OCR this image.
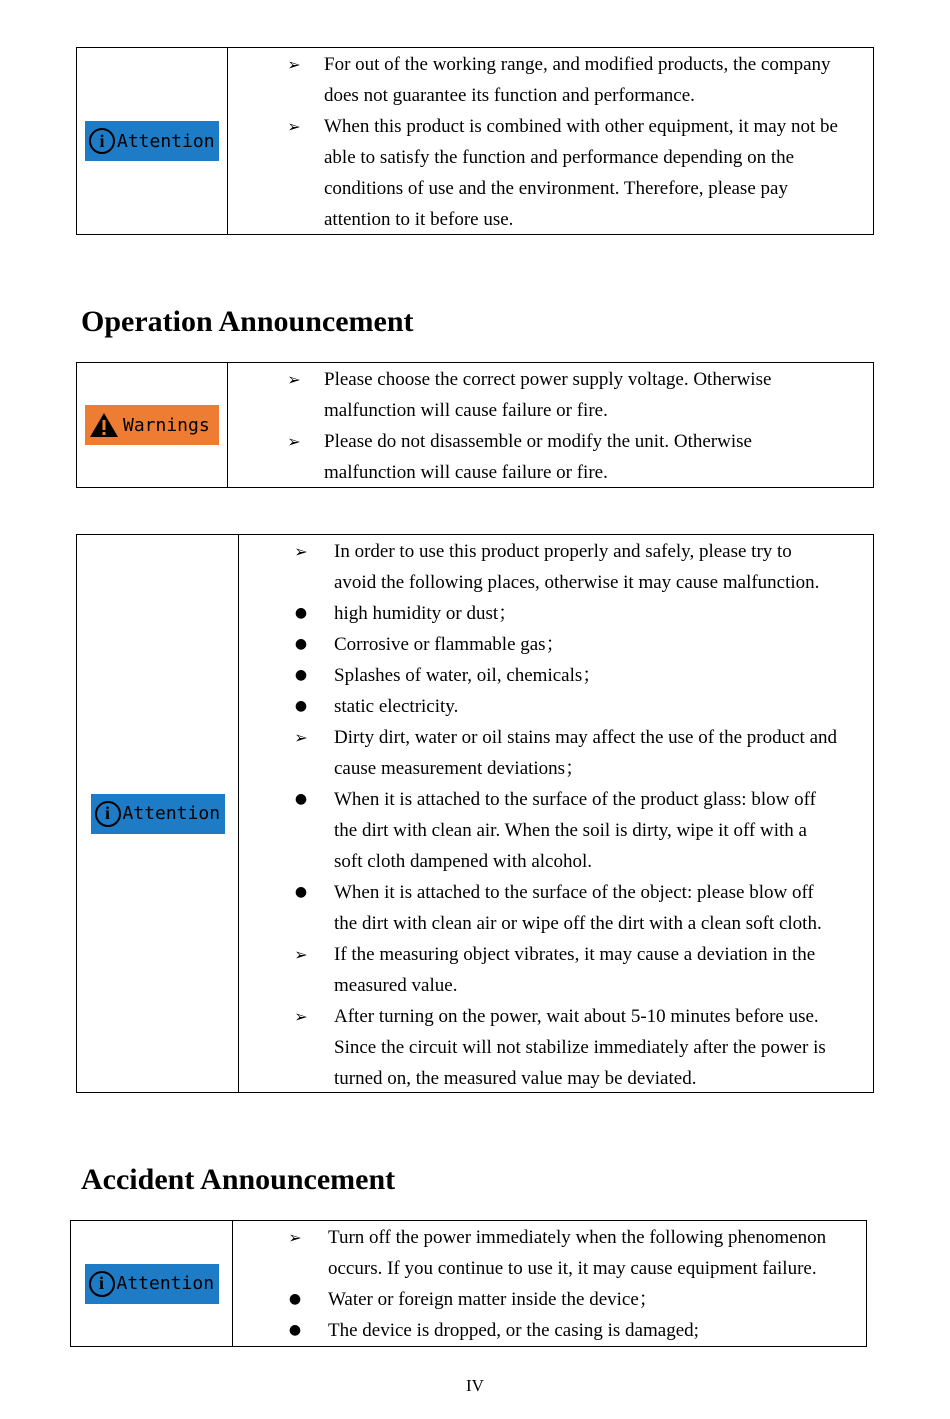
i Attention
➢ For out of the working range, and modified products, the company
does not guarantee its function and performance.
➢ When this product is combined with other equipment, it may not be
able to satisfy the function and performance depending on the
conditions of use and the environment. Therefore, please pay
attention to it before use.
Operation Announcement
Warnings
➢ Please choose the correct power supply voltage. Otherwise
malfunction will cause failure or fire.
➢ Please do not disassemble or modify the unit. Otherwise
malfunction will cause failure or fire.
i Attention
➢ In order to use this product properly and safely, please try to
avoid the following places, otherwise it may cause malfunction.
● high humidity or dust；
● Corrosive or flammable gas；
● Splashes of water, oil, chemicals；
● static electricity.
➢ Dirty dirt, water or oil stains may affect the use of the product and
cause measurement deviations；
● When it is attached to the surface of the product glass: blow off
the dirt with clean air. When the soil is dirty, wipe it off with a
soft cloth dampened with alcohol.
● When it is attached to the surface of the object: please blow off
the dirt with clean air or wipe off the dirt with a clean soft cloth.
➢ If the measuring object vibrates, it may cause a deviation in the
measured value.
➢ After turning on the power, wait about 5-10 minutes before use.
Since the circuit will not stabilize immediately after the power is
turned on, the measured value may be deviated.
Accident Announcement
i Attention
➢ Turn off the power immediately when the following phenomenon
occurs. If you continue to use it, it may cause equipment failure.
● Water or foreign matter inside the device；
● The device is dropped, or the casing is damaged;
IV
